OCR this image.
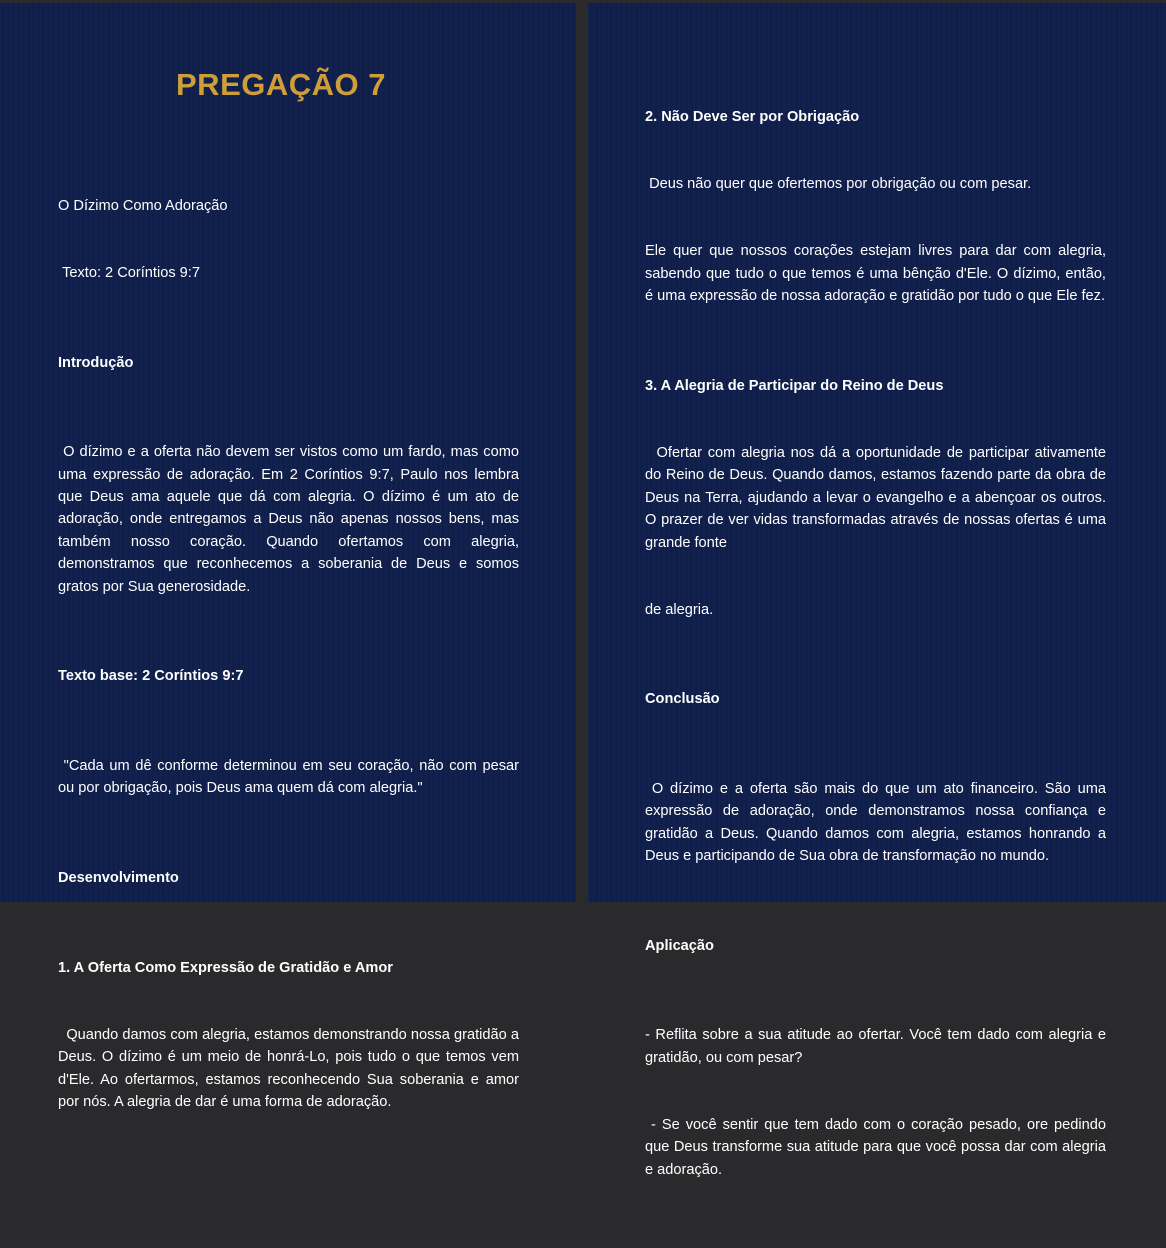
PREGAÇÃO 7

O Dízimo Como Adoração

Texto: 2 Coríntios 9:7

Introdução

O dízimo e a oferta não devem ser vistos como um fardo, mas como uma expressão de adoração. Em 2 Coríntios 9:7, Paulo nos lembra que Deus ama aquele que dá com alegria. O dízimo é um ato de adoração, onde entregamos a Deus não apenas nossos bens, mas também nosso coração. Quando ofertamos com alegria, demonstramos que reconhecemos a soberania de Deus e somos gratos por Sua generosidade.

Texto base: 2 Coríntios 9:7

"Cada um dê conforme determinou em seu coração, não com pesar ou por obrigação, pois Deus ama quem dá com alegria."

Desenvolvimento

1. A Oferta Como Expressão de Gratidão e Amor

Quando damos com alegria, estamos demonstrando nossa gratidão a Deus. O dízimo é um meio de honrá-Lo, pois tudo o que temos vem d'Ele. Ao ofertarmos, estamos reconhecendo Sua soberania e amor por nós. A alegria de dar é uma forma de adoração.

2. Não Deve Ser por Obrigação

Deus não quer que ofertemos por obrigação ou com pesar.

Ele quer que nossos corações estejam livres para dar com alegria, sabendo que tudo o que temos é uma bênção d'Ele. O dízimo, então, é uma expressão de nossa adoração e gratidão por tudo o que Ele fez.

3. A Alegria de Participar do Reino de Deus

Ofertar com alegria nos dá a oportunidade de participar ativamente do Reino de Deus. Quando damos, estamos fazendo parte da obra de Deus na Terra, ajudando a levar o evangelho e a abençoar os outros. O prazer de ver vidas transformadas através de nossas ofertas é uma grande fonte

de alegria.

Conclusão

O dízimo e a oferta são mais do que um ato financeiro. São uma expressão de adoração, onde demonstramos nossa confiança e gratidão a Deus. Quando damos com alegria, estamos honrando a Deus e participando de Sua obra de transformação no mundo.

Aplicação

- Reflita sobre a sua atitude ao ofertar. Você tem dado com alegria e gratidão, ou com pesar?

- Se você sentir que tem dado com o coração pesado, ore pedindo que Deus transforme sua atitude para que você possa dar com alegria e adoração.
